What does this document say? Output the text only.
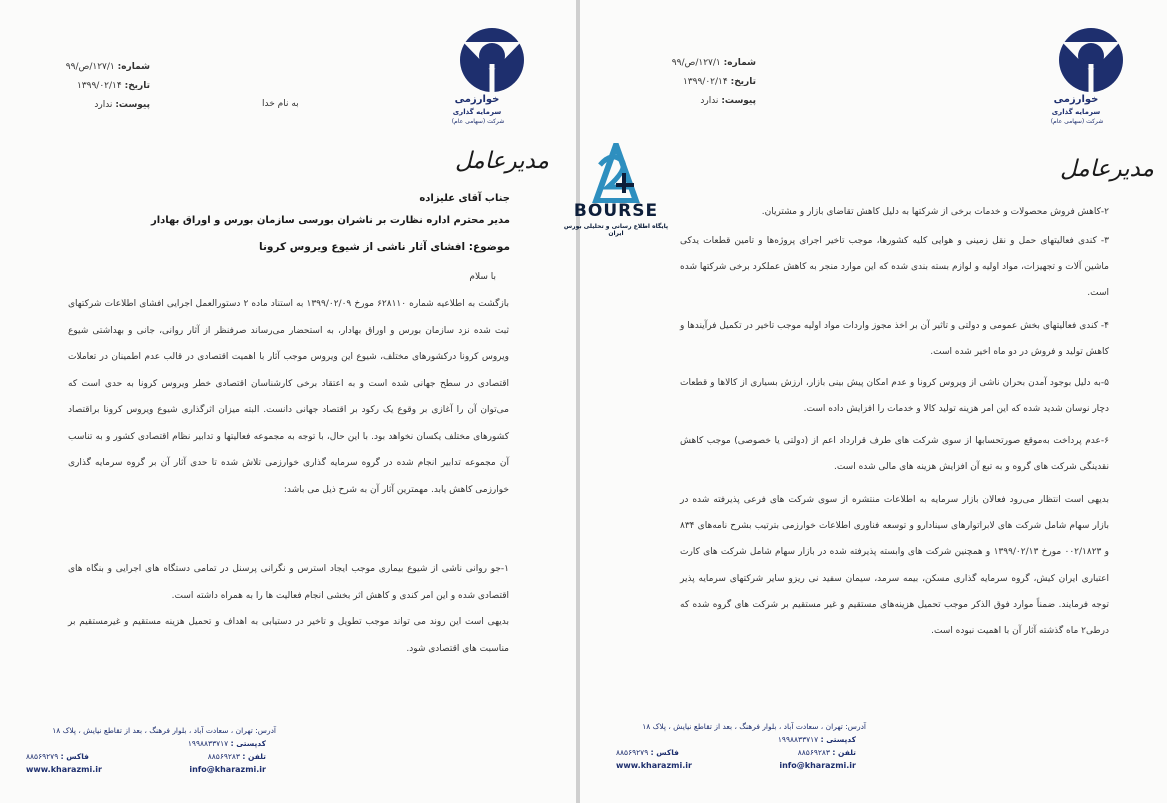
خوارزمی
سرمایه گذاری
شرکت (سهامی عام)
شماره: ۱۲۷/۱/ص/۹۹
تاریخ: ۱۳۹۹/۰۲/۱۴
پیوست: ندارد	به نام خدا
مدیرعامل
جناب آقای علیزاده
مدیر محترم اداره نظارت بر ناشران بورسی سازمان بورس و اوراق بهادار
موضوع: افشای آثار ناشی از شیوع ویروس کرونا
با سلام
بازگشت به اطلاعیه شماره ۶۲۸۱۱۰ مورخ ۱۳۹۹/۰۲/۰۹ به استناد ماده ۲ دستورالعمل اجرایی افشای اطلاعات شرکتهای ثبت شده نزد سازمان بورس و اوراق بهادار، به استحضار می‌رساند صرفنظر از آثار روانی، جانی و بهداشتی شیوع ویروس کرونا درکشورهای مختلف، شیوع این ویروس موجب آثار با اهمیت اقتصادی در قالب عدم اطمینان در تعاملات اقتصادی در سطح جهانی شده است و به اعتقاد برخی کارشناسان اقتصادی خطر ویروس کرونا به حدی است که می‌توان آن را آغازی بر وقوع یک رکود بر اقتصاد جهانی دانست. البته میزان اثرگذاری شیوع ویروس کرونا براقتصاد کشورهای مختلف یکسان نخواهد بود. با این حال، با توجه به مجموعه فعالیتها و تدابیر نظام اقتصادی کشور و به تناسب آن مجموعه تدابیر انجام شده در گروه سرمایه گذاری خوارزمی تلاش شده تا حدی آثار آن بر گروه سرمایه گذاری خوارزمی کاهش یابد. مهمترین آثار آن به شرح ذیل می باشد:
۱-جو روانی ناشی از شیوع بیماری موجب ایجاد استرس و نگرانی پرسنل در تمامی دستگاه های اجرایی و بنگاه های اقتصادی شده و این امر کندی و کاهش اثر بخشی انجام فعالیت ها را به همراه داشته است.
بدیهی است این روند می تواند موجب تطویل و تاخیر در دستیابی به اهداف و تحمیل هزینه مستقیم و غیرمستقیم بر مناسبت های اقتصادی شود.
آدرس: تهران ، سعادت آباد ، بلوار فرهنگ ، بعد از تقاطع نیایش ، پلاک ۱۸
کدپستی : ۱۹۹۸۸۳۳۷۱۷
فاکس : ۸۸۵۶۹۲۷۹	تلفن : ۸۸۵۶۹۲۸۳
www.kharazmi.ir	info@kharazmi.ir
خوارزمی
سرمایه گذاری
شرکت (سهامی عام)
شماره: ۱۲۷/۱/ص/۹۹
تاریخ: ۱۳۹۹/۰۲/۱۴
پیوست: ندارد
مدیرعامل
۲-کاهش فروش محصولات و خدمات برخی از شرکتها به دلیل کاهش تقاضای بازار و مشتریان.
۳- کندی فعالیتهای حمل و نقل زمینی و هوایی کلیه کشورها، موجب تاخیر اجرای پروژه‌ها و تامین قطعات یدکی ماشین آلات و تجهیزات، مواد اولیه و لوازم بسته بندی شده که این موارد منجر به کاهش عملکرد برخی شرکتها شده است.
۴- کندی فعالیتهای بخش عمومی و دولتی و تاثیر آن بر اخذ مجوز واردات مواد اولیه موجب تاخیر در تکمیل فرآیندها و کاهش تولید و فروش در دو ماه اخیر شده است.
۵-به دلیل بوجود آمدن بحران ناشی از ویروس کرونا و عدم امکان پیش بینی بازار، ارزش بسیاری از کالاها و قطعات دچار نوسان شدید شده که این امر هزینه تولید کالا و خدمات را افزایش داده است.
۶-عدم پرداخت به‌موقع صورتحسابها از سوی شرکت های طرف قرارداد اعم از (دولتی یا خصوصی) موجب کاهش نقدینگی شرکت های گروه و به تبع آن افزایش هزینه های مالی شده است.
بدیهی است انتظار می‌رود فعالان بازار سرمایه به اطلاعات منتشره از سوی شرکت های فرعی پذیرفته شده در بازار سهام شامل شرکت های لابراتوارهای سینادارو و توسعه فناوری اطلاعات خوارزمی بترتیب بشرح نامه‌های ۸۳۴ و ۰۰۲/۱۸۲۳ مورخ ۱۳۹۹/۰۲/۱۳ و همچنین شرکت های وابسته پذیرفته شده در بازار سهام شامل شرکت های کارت اعتباری ایران کیش، گروه سرمایه گذاری مسکن، بیمه سرمد، سیمان سفید نی ریزو سایر شرکتهای سرمایه پذیر توجه فرمایند. ضمناً موارد فوق الذکر موجب تحمیل هزینه‌های مستقیم و غیر مستقیم بر شرکت های گروه شده که درطی۲ ماه گذشته آثار آن با اهمیت نبوده است.
آدرس: تهران ، سعادت آباد ، بلوار فرهنگ ، بعد از تقاطع نیایش ، پلاک ۱۸
کدپستی : ۱۹۹۸۸۳۳۷۱۷
فاکس : ۸۸۵۶۹۲۷۹	تلفن : ۸۸۵۶۹۲۸۳
www.kharazmi.ir	info@kharazmi.ir
BOURSE
پایگاه اطلاع رسانی و تحلیلی بورس ایران
